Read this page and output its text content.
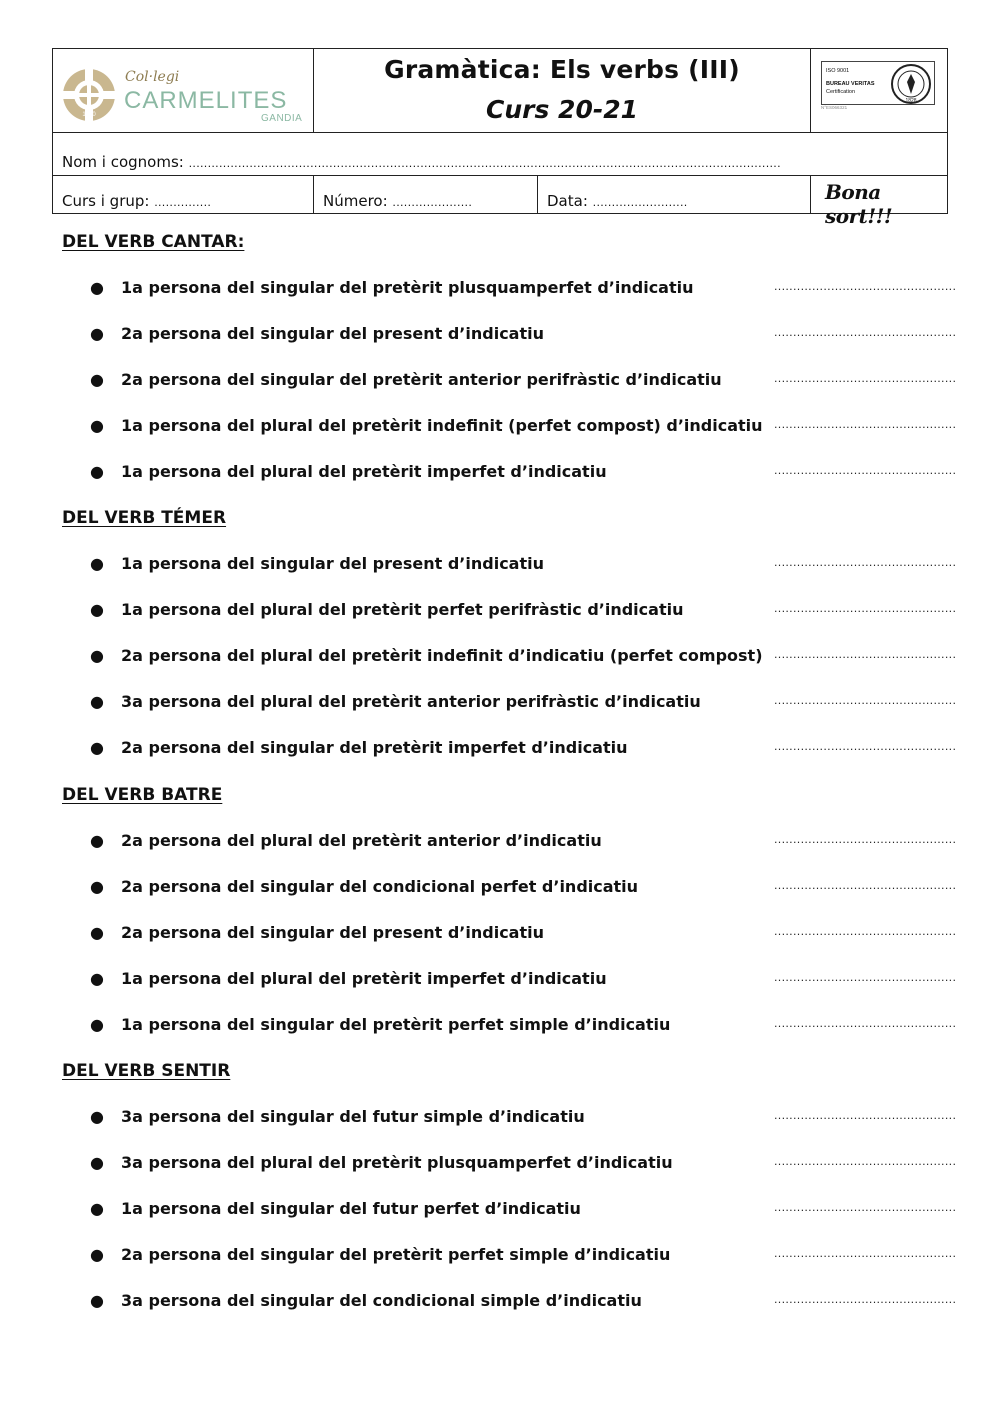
1870
Col·legi
CARMELITES
GANDIA
Gramàtica: Els verbs (III)
Curs 20-21
ISO 9001
BUREAU VERITAS
Certification
1828
N°ES066321
Nom i cognoms: ............................................................................................................................................................
Curs i grup: ...............	Número: .....................	Data: .........................	Bona sort!!!
DEL VERB CANTAR:
● 1a persona del singular del pretèrit plusquamperfet d’indicatiu	................................................
● 2a persona del singular del present d’indicatiu	................................................
● 2a persona del singular del pretèrit anterior perifràstic d’indicatiu	................................................
● 1a persona del plural del pretèrit indefinit (perfet compost) d’indicatiu ................................................
● 1a persona del plural del pretèrit imperfet d’indicatiu	................................................
DEL VERB TÉMER
● 1a persona del singular del present d’indicatiu	................................................
● 1a persona del plural del pretèrit perfet perifràstic d’indicatiu	................................................
● 2a persona del plural del pretèrit indefinit d’indicatiu (perfet compost) ................................................
● 3a persona del plural del pretèrit anterior perifràstic d’indicatiu	................................................
● 2a persona del singular del pretèrit imperfet d’indicatiu	................................................
DEL VERB BATRE
● 2a persona del plural del pretèrit anterior d’indicatiu	................................................
● 2a persona del singular del condicional perfet d’indicatiu	................................................
● 2a persona del singular del present d’indicatiu	................................................
● 1a persona del plural del pretèrit imperfet d’indicatiu	................................................
● 1a persona del singular del pretèrit perfet simple d’indicatiu	................................................
DEL VERB SENTIR
● 3a persona del singular del futur simple d’indicatiu	................................................
● 3a persona del plural del pretèrit plusquamperfet d’indicatiu	................................................
● 1a persona del singular del futur perfet d’indicatiu	................................................
● 2a persona del singular del pretèrit perfet simple d’indicatiu	................................................
● 3a persona del singular del condicional simple d’indicatiu	................................................
